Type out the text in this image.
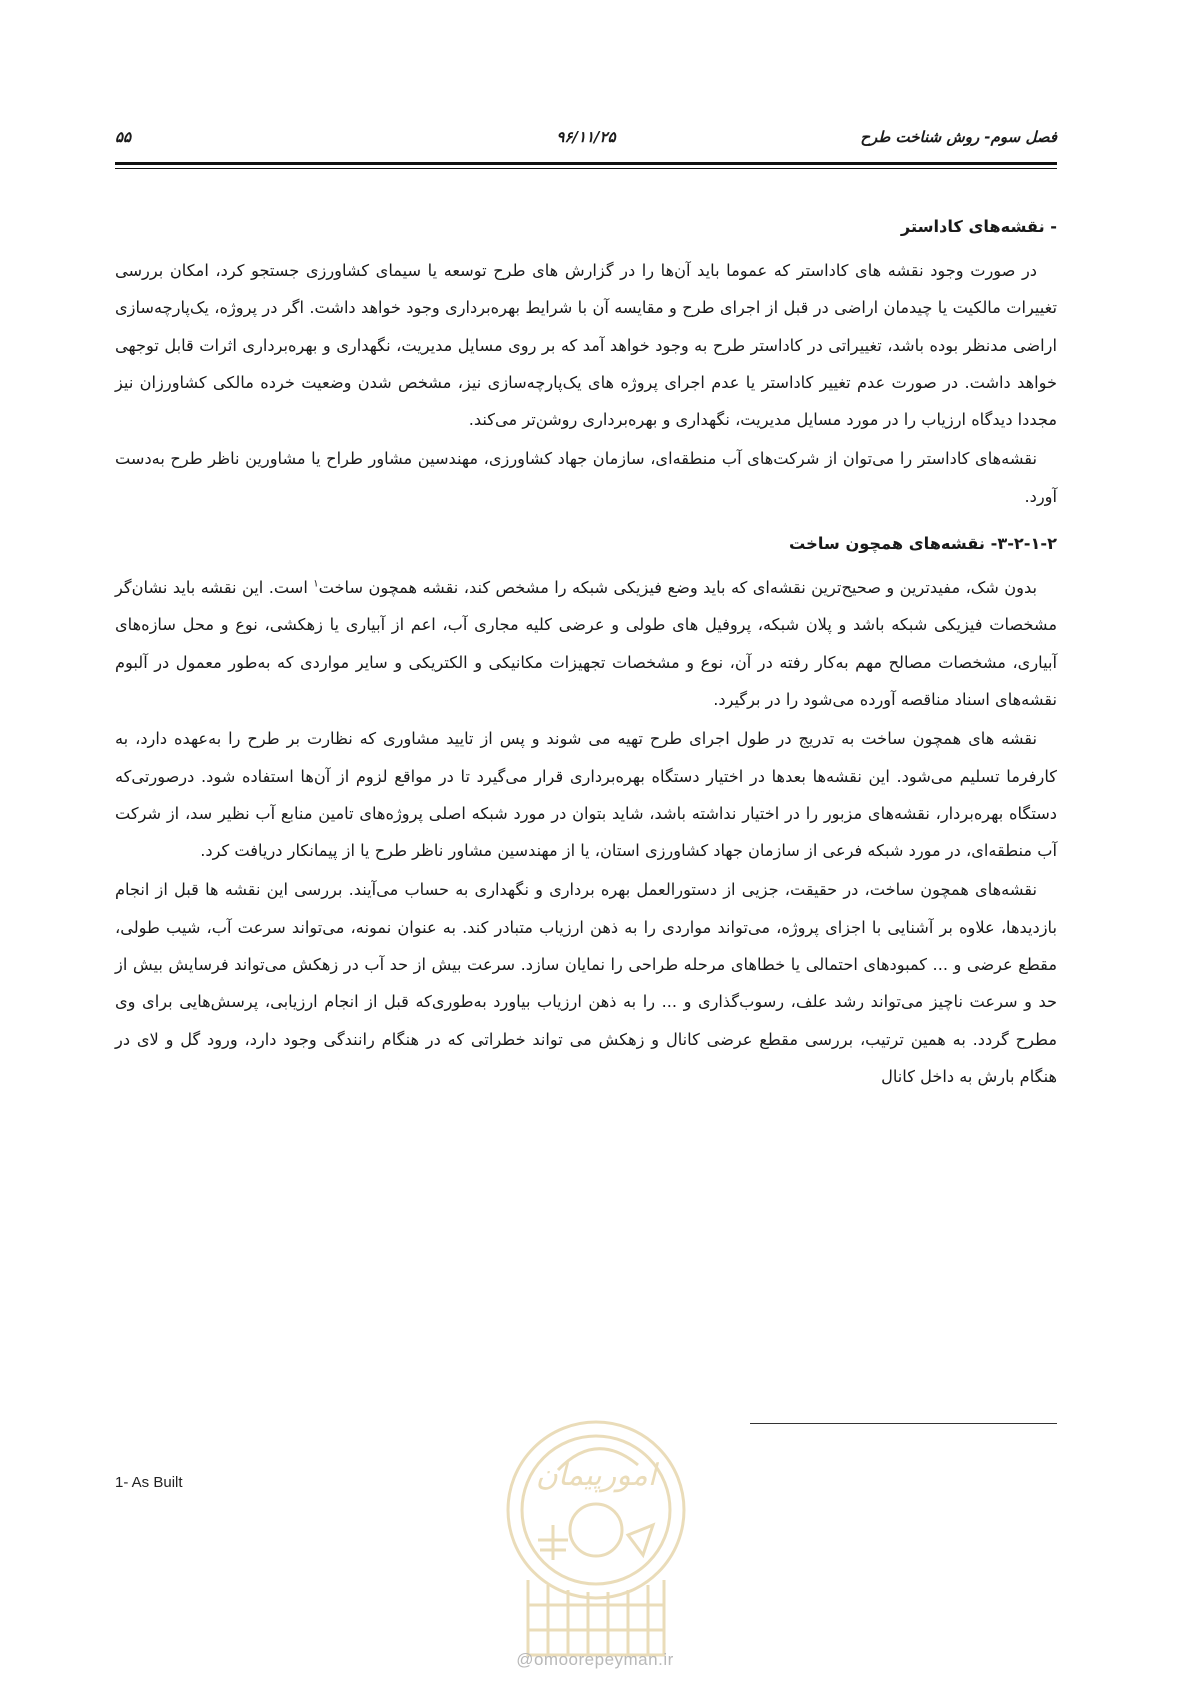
فصل سوم- روش شناخت طرح
۹۶/۱۱/۲۵
۵۵
- نقشه‌های کاداستر

در صورت وجود نقشه های کاداستر که عموما باید آن‌ها را در گزارش های طرح توسعه یا سیمای کشاورزی جستجو کرد، امکان بررسی تغییرات مالکیت یا چیدمان اراضی در قبل از اجرای طرح و مقایسه آن با شرایط بهره‌برداری وجود خواهد داشت. اگر در پروژه، یک‌پارچه‌سازی اراضی مدنظر بوده باشد، تغییراتی در کاداستر طرح به وجود خواهد آمد که بر روی مسایل مدیریت، نگهداری و بهره‌برداری اثرات قابل توجهی خواهد داشت. در صورت عدم تغییر کاداستر یا عدم اجرای پروژه های یک‌پارچه‌سازی نیز، مشخص شدن وضعیت خرده مالکی کشاورزان نیز مجددا دیدگاه ارزیاب را در مورد مسایل مدیریت، نگهداری و بهره‌برداری روشن‌تر می‌کند.

نقشه‌های کاداستر را می‌توان از شرکت‌های آب منطقه‌ای، سازمان جهاد کشاورزی، مهندسین مشاور طراح یا مشاورین ناظر طرح به‌دست آورد.

۳-۲-۱-۲- نقشه‌های همچون ساخت

بدون شک، مفیدترین و صحیح‌ترین نقشه‌ای که باید وضع فیزیکی شبکه را مشخص کند، نقشه همچون ساخت$^۱$ است. این نقشه باید نشان‌گر مشخصات فیزیکی شبکه باشد و پلان شبکه، پروفیل های طولی و عرضی کلیه مجاری آب، اعم از آبیاری یا زهکشی، نوع و محل سازه‌های آبیاری، مشخصات مصالح مهم به‌کار رفته در آن، نوع و مشخصات تجهیزات مکانیکی و الکتریکی و سایر مواردی که به‌طور معمول در آلبوم نقشه‌های اسناد مناقصه آورده می‌شود را در برگیرد.

نقشه های همچون ساخت به تدریج در طول اجرای طرح تهیه می شوند و پس از تایید مشاوری که نظارت بر طرح را به‌عهده دارد، به کارفرما تسلیم می‌شود. این نقشه‌ها بعدها در اختیار دستگاه بهره‌برداری قرار می‌گیرد تا در مواقع لزوم از آن‌ها استفاده شود. درصورتی‌که دستگاه بهره‌بردار، نقشه‌های مزبور را در اختیار نداشته باشد، شاید بتوان در مورد شبکه اصلی پروژه‌های تامین منابع آب نظیر سد، از شرکت آب منطقه‌ای، در مورد شبکه فرعی از سازمان جهاد کشاورزی استان، یا از مهندسین مشاور ناظر طرح یا از پیمانکار دریافت کرد.

نقشه‌های همچون ساخت، در حقیقت، جزیی از دستورالعمل بهره برداری و نگهداری به حساب می‌آیند. بررسی این نقشه ها قبل از انجام بازدیدها، علاوه بر آشنایی با اجزای پروژه، می‌تواند مواردی را به ذهن ارزیاب متبادر کند. به عنوان نمونه، می‌تواند سرعت آب، شیب طولی، مقطع عرضی و ... کمبودهای احتمالی یا خطاهای مرحله طراحی را نمایان سازد. سرعت بیش از حد آب در زهکش می‌تواند فرسایش بیش از حد و سرعت ناچیز می‌تواند رشد علف، رسوب‌گذاری و ... را به ذهن ارزیاب بیاورد به‌طوری‌که قبل از انجام ارزیابی، پرسش‌هایی برای وی مطرح گردد. به همین ترتیب، بررسی مقطع عرضی کانال و زهکش می تواند خطراتی که در هنگام رانندگی وجود دارد، ورود گل و لای در هنگام بارش به داخل کانال

1- As Built	امورپیمان
@omoorepeyman.ir
